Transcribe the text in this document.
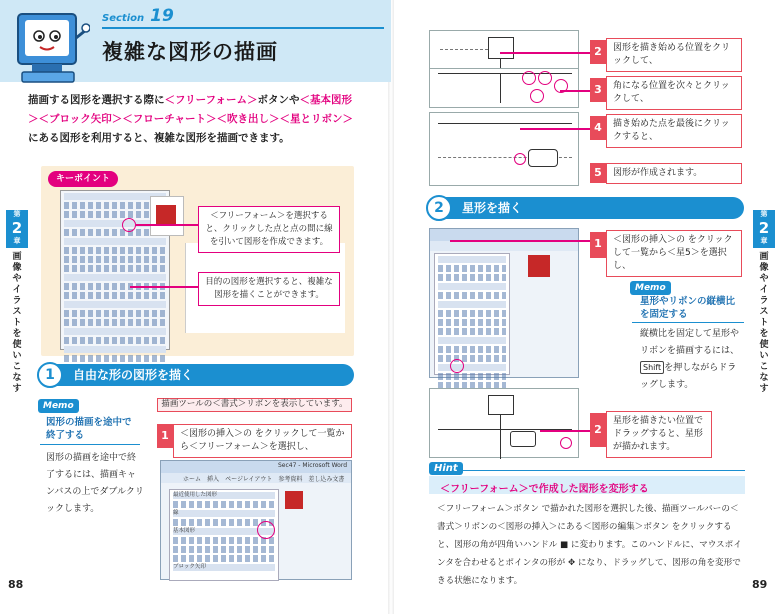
Section 19
複雑な図形の描画
描画する図形を選択する際に＜フリーフォーム＞ボタンや＜基本図形＞＜ブロック矢印＞＜フローチャート＞＜吹き出し＞＜星とリボン＞にある図形を利用すると、複雑な図形を描画できます。
キーポイント
＜フリーフォーム＞を選択すると、クリックした点と点の間に線を引いて図形を作成できます。
目的の図形を選択すると、複雑な図形を描くことができます。
第
2
章
画
像
や
イ
ラ
ス
ト
を
使
い
こ
な
す
1	自由な形の図形を描く
Memo
図形の描画を途中で終了する
図形の描画を途中で終了するには、描画キャンバスの上でダブルクリックします。
描画ツールの＜書式＞リボンを表示しています。
1	＜図形の挿入＞の をクリックして一覧から＜フリーフォーム＞を選択し、
Sec47 - Microsoft Word
ホーム　 挿入　 ページレイアウト　 参考資料　 差し込み文書
最近使用した図形
線
基本図形
ブロック矢印
88
2	図形を描き始める位置をクリックして、
3	角になる位置を次々とクリックして、
4	描き始めた点を最後にクリックすると、
5	図形が作成されます。
2	星形を描く
1	＜図形の挿入＞の をクリックして一覧から＜星5＞を選択し、
Memo
星形やリボンの縦横比を固定する
縦横比を固定して星形やリボンを描画するには、Shift を押しながらドラッグします。
2
星形を描きたい位置でドラッグすると、星形が描かれます。
第
2
章
画
像
や
イ
ラ
ス
ト
を
使
い
こ
な
す
Hint
＜フリーフォーム＞で作成した図形を変形する
＜フリーフォーム＞ボタン で描かれた図形を選択した後、描画ツールバーの＜書式＞リボンの＜図形の挿入＞にある＜図形の編集＞ボタン をクリックすると、図形の角が四角いハンドル ■ に変わります。このハンドルに、マウスポインタを合わせるとポインタの形が ✥ になり、ドラッグして、図形の角を変形できる状態になります。	89
